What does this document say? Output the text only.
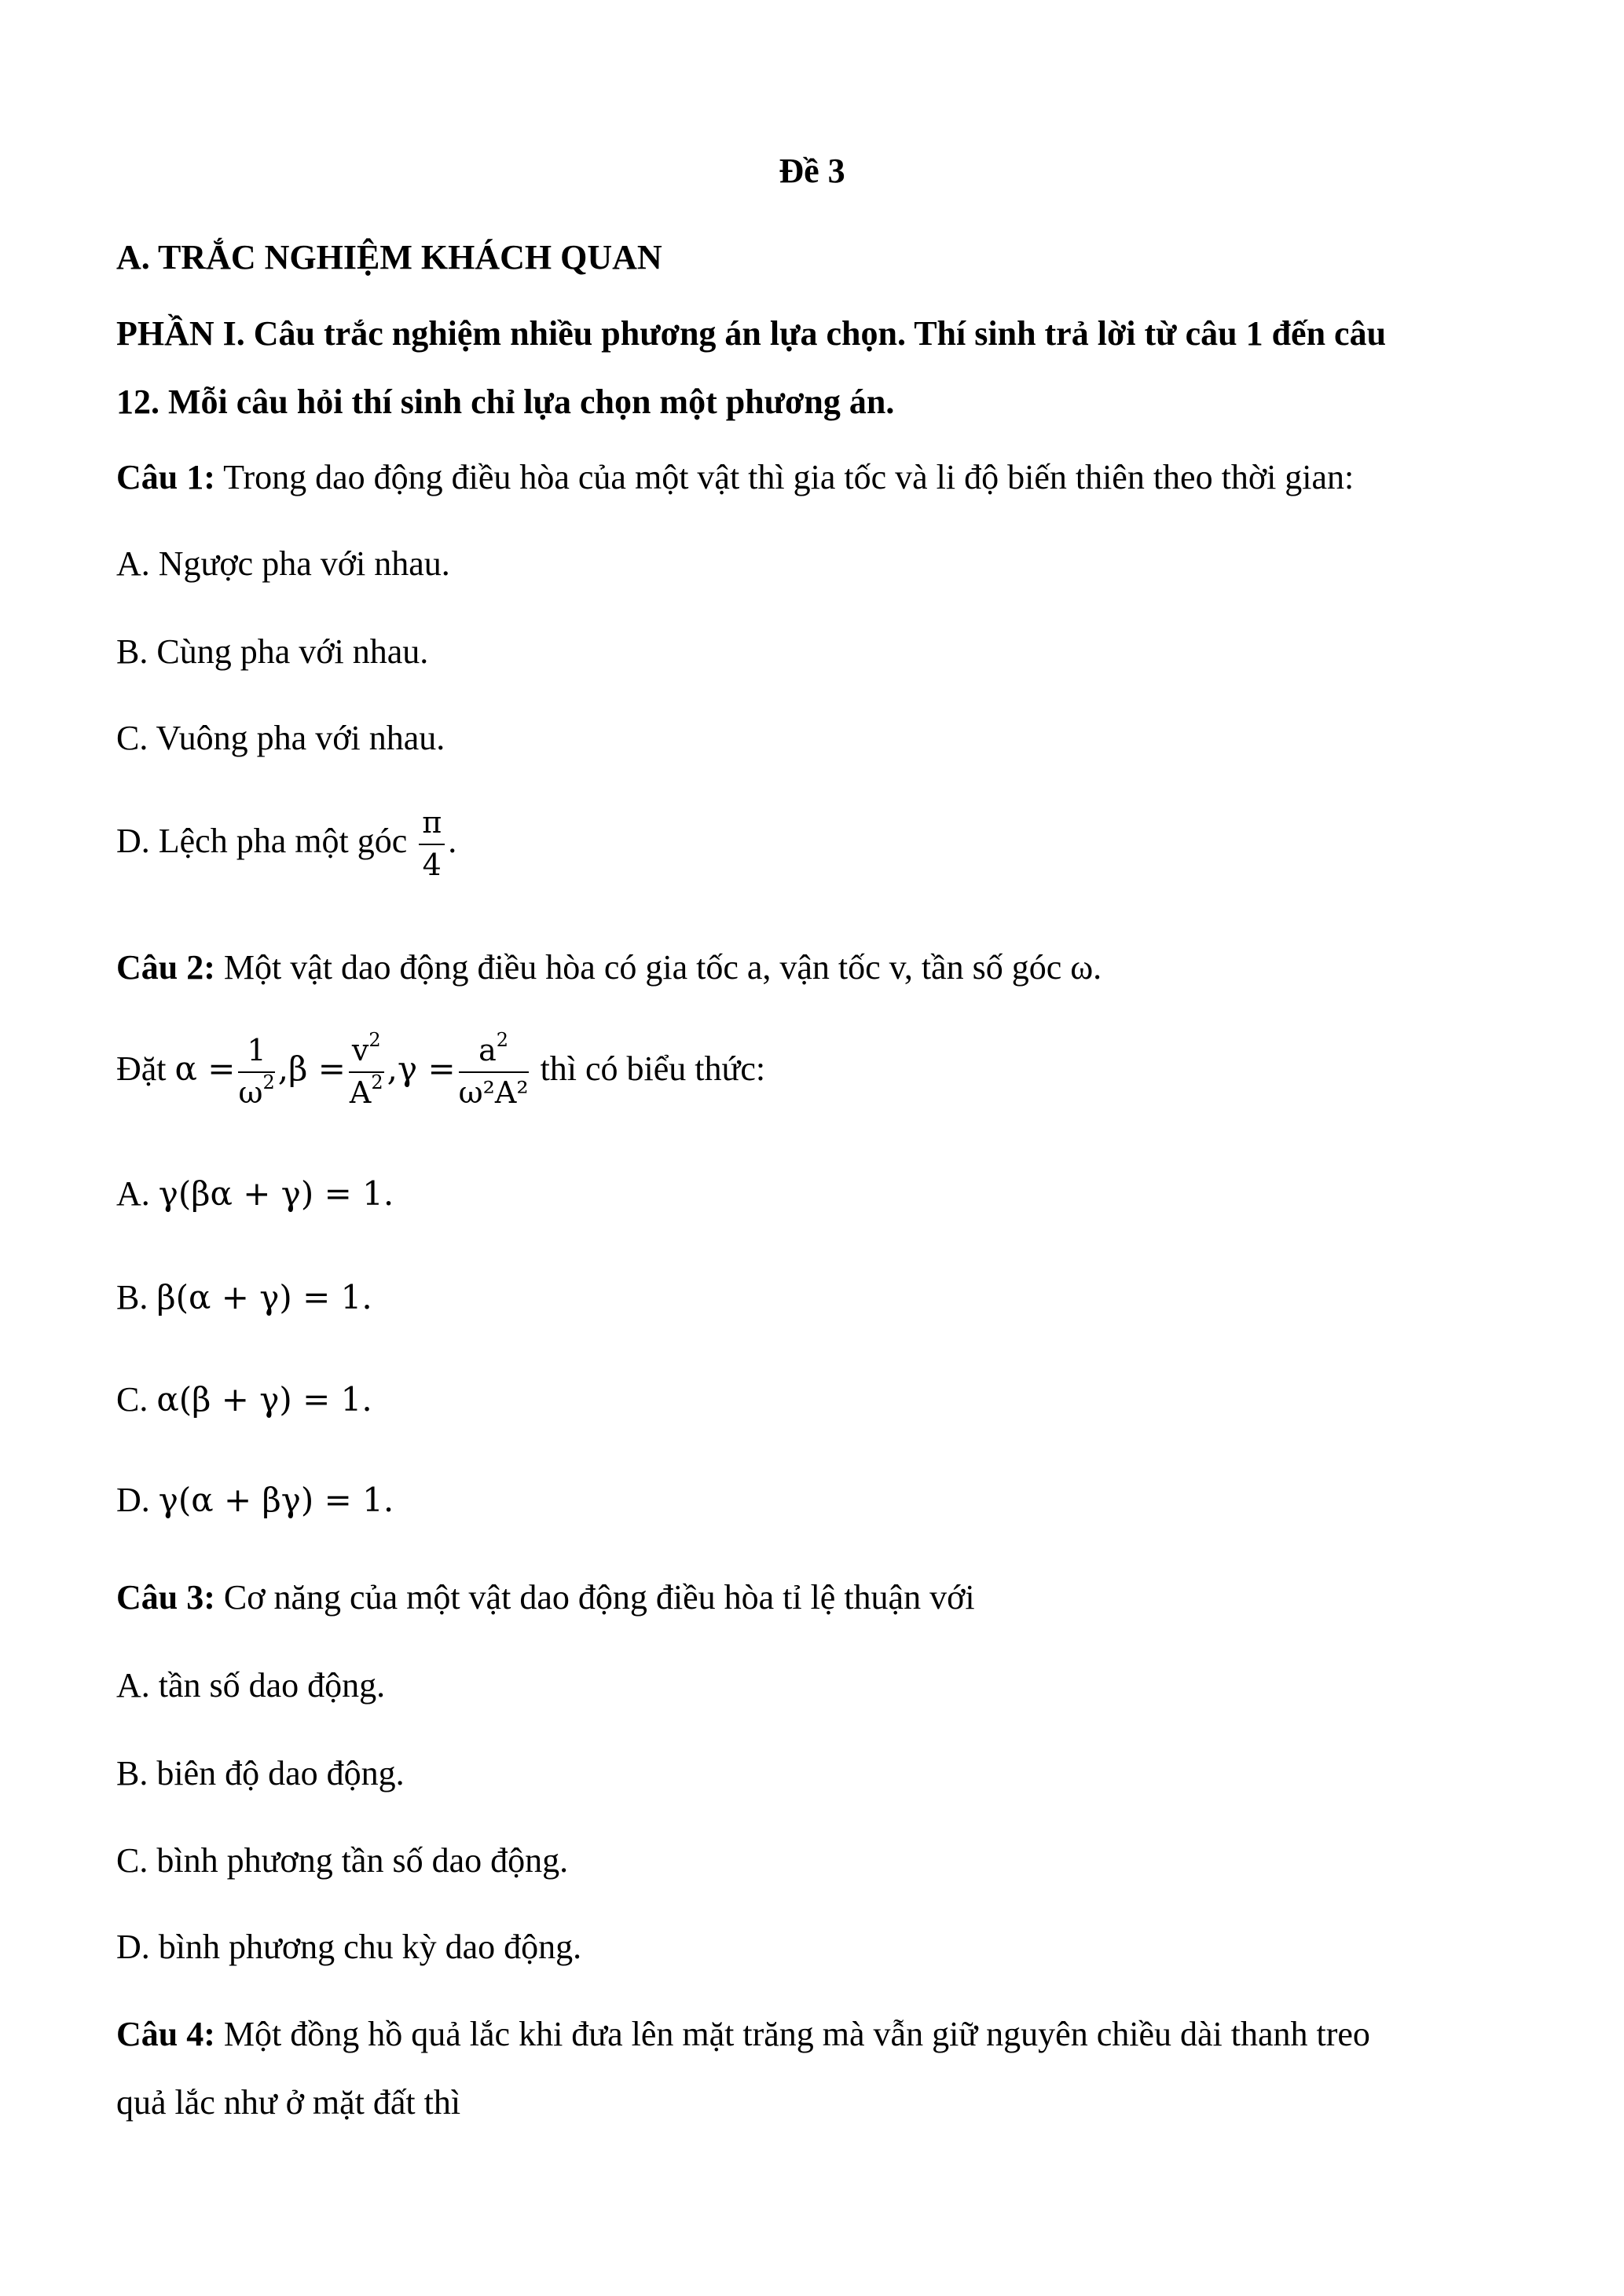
Đề 3
A. TRẮC NGHIỆM KHÁCH QUAN
PHẦN I. Câu trắc nghiệm nhiều phương án lựa chọn. Thí sinh trả lời từ câu 1 đến câu
12. Mỗi câu hỏi thí sinh chỉ lựa chọn một phương án.
Câu 1: Trong dao động điều hòa của một vật thì gia tốc và li độ biến thiên theo thời gian:
A. Ngược pha với nhau.
B. Cùng pha với nhau.
C. Vuông pha với nhau.
D. Lệch pha một góc $\frac{\pi}{4}$ .
Câu 2: Một vật dao động điều hòa có gia tốc a, vận tốc v, tần số góc ω.
Đặt $\alpha = \frac{1}{\omega^2} ,\beta = \frac{v^2}{A^2} ,\gamma = \frac{a^2}{\text{ω²A²}}$ thì có biểu thức:
A. γ(βα + γ) = 1.
B. β(α + γ) = 1.
C. α(β + γ) = 1.
D. γ(α + βγ) = 1.
Câu 3: Cơ năng của một vật dao động điều hòa tỉ lệ thuận với
A. tần số dao động.
B. biên độ dao động.
C. bình phương tần số dao động.
D. bình phương chu kỳ dao động.
Câu 4: Một đồng hồ quả lắc khi đưa lên mặt trăng mà vẫn giữ nguyên chiều dài thanh treo
quả lắc như ở mặt đất thì
